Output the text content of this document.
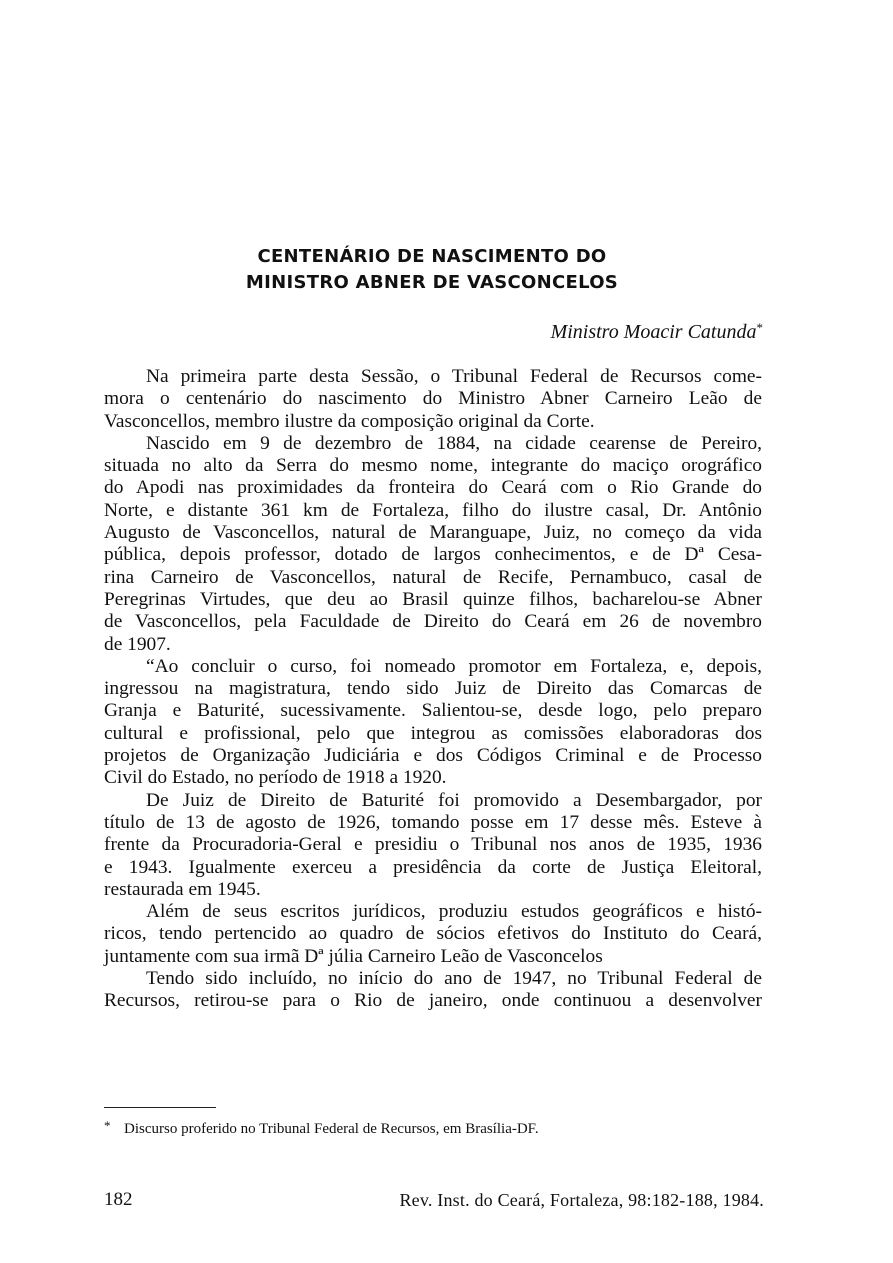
CENTENÁRIO DE NASCIMENTO DO
MINISTRO ABNER DE VASCONCELOS
Ministro Moacir Catunda*
Na primeira parte desta Sessão, o Tribunal Federal de Recursos come-
mora o centenário do nascimento do Ministro Abner Carneiro Leão de
Vasconcellos, membro ilustre da composição original da Corte.
Nascido em 9 de dezembro de 1884, na cidade cearense de Pereiro,
situada no alto da Serra do mesmo nome, integrante do maciço orográfico
do Apodi nas proximidades da fronteira do Ceará com o Rio Grande do
Norte, e distante 361 km de Fortaleza, filho do ilustre casal, Dr. Antônio
Augusto de Vasconcellos, natural de Maranguape, Juiz, no começo da vida
pública, depois professor, dotado de largos conhecimentos, e de Dª Cesa-
rina Carneiro de Vasconcellos, natural de Recife, Pernambuco, casal de
Peregrinas Virtudes, que deu ao Brasil quinze filhos, bacharelou-se Abner
de Vasconcellos, pela Faculdade de Direito do Ceará em 26 de novembro
de 1907.
“Ao concluir o curso, foi nomeado promotor em Fortaleza, e, depois,
ingressou na magistratura, tendo sido Juiz de Direito das Comarcas de
Granja e Baturité, sucessivamente. Salientou-se, desde logo, pelo preparo
cultural e profissional, pelo que integrou as comissões elaboradoras dos
projetos de Organização Judiciária e dos Códigos Criminal e de Processo
Civil do Estado, no período de 1918 a 1920.
De Juiz de Direito de Baturité foi promovido a Desembargador, por
título de 13 de agosto de 1926, tomando posse em 17 desse mês. Esteve à
frente da Procuradoria-Geral e presidiu o Tribunal nos anos de 1935, 1936
e 1943. Igualmente exerceu a presidência da corte de Justiça Eleitoral,
restaurada em 1945.
Além de seus escritos jurídicos, produziu estudos geográficos e histó-
ricos, tendo pertencido ao quadro de sócios efetivos do Instituto do Ceará,
juntamente com sua irmã Dª júlia Carneiro Leão de Vasconcelos
Tendo sido incluído, no início do ano de 1947, no Tribunal Federal de
Recursos, retirou-se para o Rio de janeiro, onde continuou a desenvolver
* Discurso proferido no Tribunal Federal de Recursos, em Brasília-DF.
182	Rev. Inst. do Ceará, Fortaleza, 98:182-188, 1984.
